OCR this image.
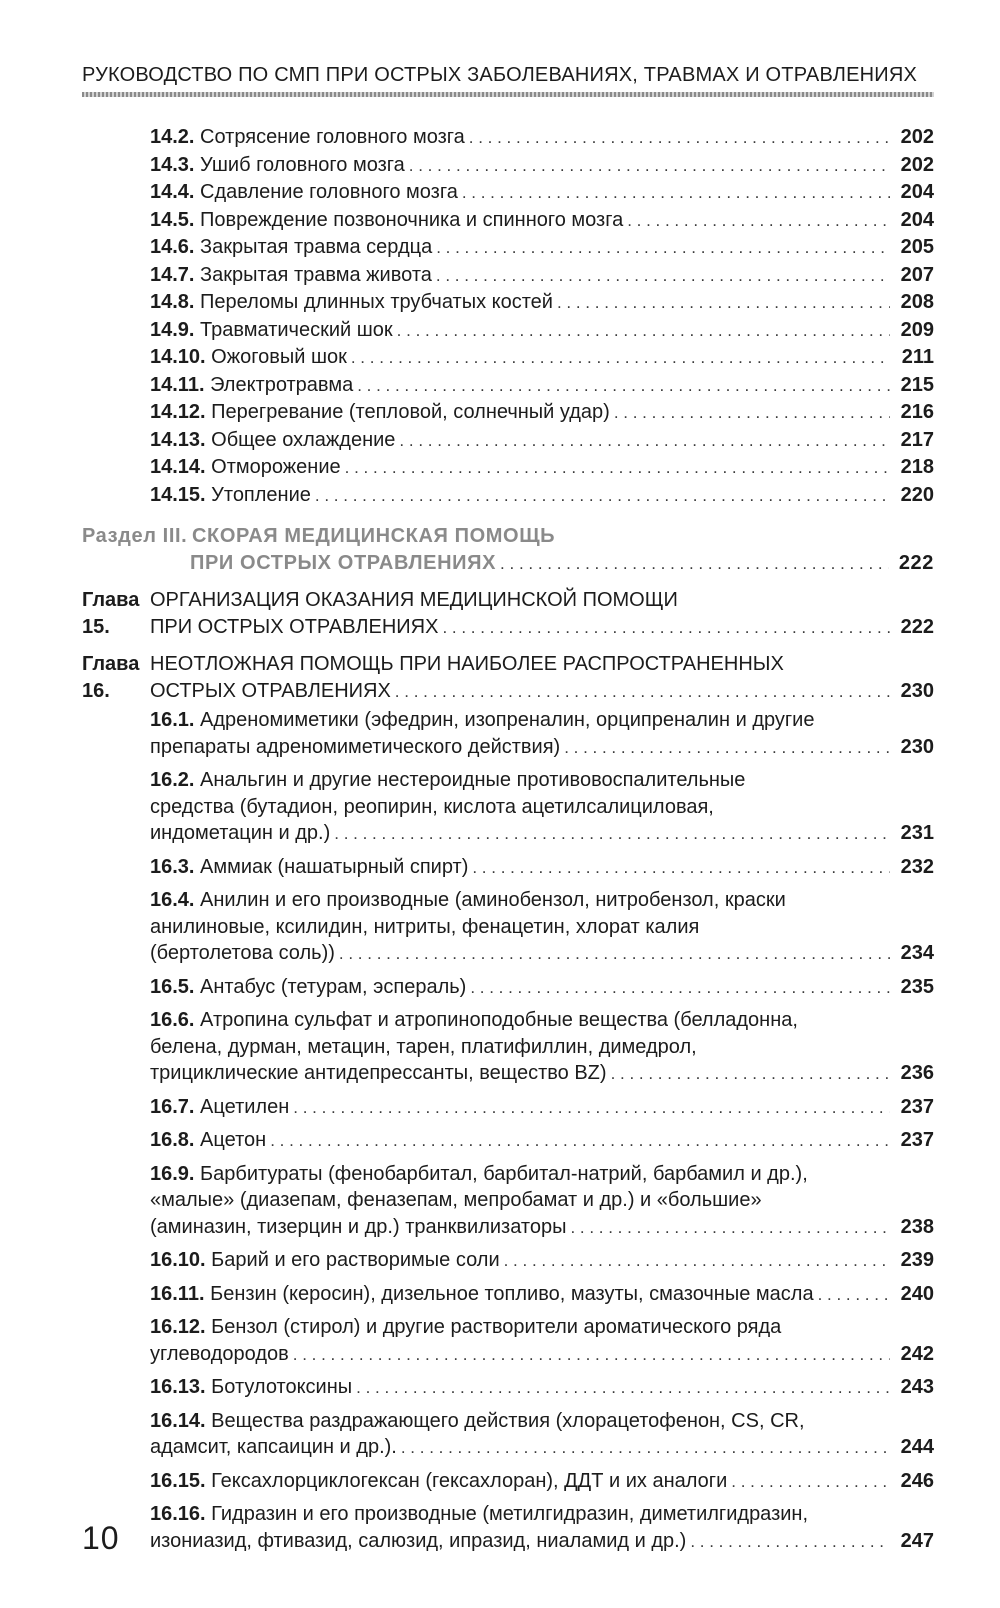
РУКОВОДСТВО ПО СМП ПРИ ОСТРЫХ ЗАБОЛЕВАНИЯХ, ТРАВМАХ И ОТРАВЛЕНИЯХ
14.2. Сотрясение головного мозга . . .	202
14.3. Ушиб головного мозга . . .	202
14.4. Сдавление головного мозга . . .	204
14.5. Повреждение позвоночника и спинного мозга . . .	204
14.6. Закрытая травма сердца . . .	205
14.7. Закрытая травма живота . . .	207
14.8. Переломы длинных трубчатых костей . . .	208
14.9. Травматический шок . . .	209
14.10. Ожоговый шок . . .	211
14.11. Электротравма . . .	215
14.12. Перегревание (тепловой, солнечный удар) . . .	216
14.13. Общее охлаждение . . .	217
14.14. Отморожение . . .	218
14.15. Утопление . . .	220
Раздел III. СКОРАЯ МЕДИЦИНСКАЯ ПОМОЩЬ
ПРИ ОСТРЫХ ОТРАВЛЕНИЯХ . . .	222
Глава 15.
ОРГАНИЗАЦИЯ ОКАЗАНИЯ МЕДИЦИНСКОЙ ПОМОЩИ
ПРИ ОСТРЫХ ОТРАВЛЕНИЯХ . . .	222
Глава 16.
НЕОТЛОЖНАЯ ПОМОЩЬ ПРИ НАИБОЛЕЕ РАСПРОСТРАНЕННЫХ
ОСТРЫХ ОТРАВЛЕНИЯХ . . .	230
16.1. Адреномиметики (эфедрин, изопреналин, орципреналин и другие
препараты адреномиметического действия) . . .	230
16.2. Анальгин и другие нестероидные противовоспалительные
средства (бутадион, реопирин, кислота ацетилсалициловая,
индометацин и др.) . . .	231
16.3. Аммиак (нашатырный спирт) . . .	232
16.4. Анилин и его производные (аминобензол, нитробензол, краски
анилиновые, ксилидин, нитриты, фенацетин, хлорат калия
(бертолетова соль)) . . .	234
16.5. Антабус (тетурам, эспераль) . . .	235
16.6. Атропина сульфат и атропиноподобные вещества (белладонна,
белена, дурман, метацин, тарен, платифиллин, димедрол,
трициклические антидепрессанты, вещество BZ) . . .	236
16.7. Ацетилен . . .	237
16.8. Ацетон . . .	237
16.9. Барбитураты (фенобарбитал, барбитал-натрий, барбамил и др.),
«малые» (диазепам, феназепам, мепробамат и др.) и «большие»
(аминазин, тизерцин и др.) транквилизаторы . . .	238
16.10. Барий и его растворимые соли . . .	239
16.11. Бензин (керосин), дизельное топливо, мазуты, смазочные масла . . .	240
16.12. Бензол (стирол) и другие растворители ароматического ряда
углеводородов . . .	242
16.13. Ботулотоксины . . .	243
16.14. Вещества раздражающего действия (хлорацетофенон, CS, CR,
адамсит, капсаицин и др.). . . .	244
16.15. Гексахлорциклогексан (гексахлоран), ДДТ и их аналоги . . .	246
16.16. Гидразин и его производные (метилгидразин, диметилгидразин,
изониазид, фтивазид, салюзид, ипразид, ниаламид и др.) . . .	247
10
